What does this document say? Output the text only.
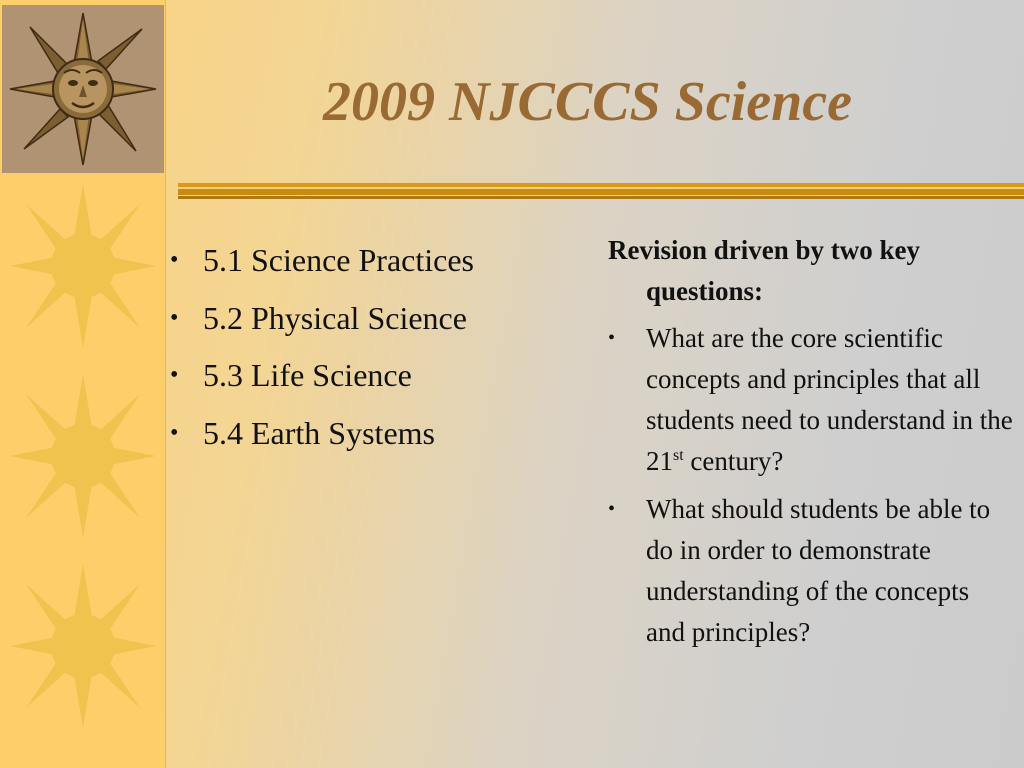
2009 NJCCCS Science
• 5.1 Science Practices
• 5.2 Physical Science
• 5.3 Life Science
• 5.4 Earth Systems

Revision driven by two key questions:

• What are the core scientific concepts and principles that all students need to understand in the 21st century?
• What should students be able to do in order to demonstrate understanding of the concepts and principles?
